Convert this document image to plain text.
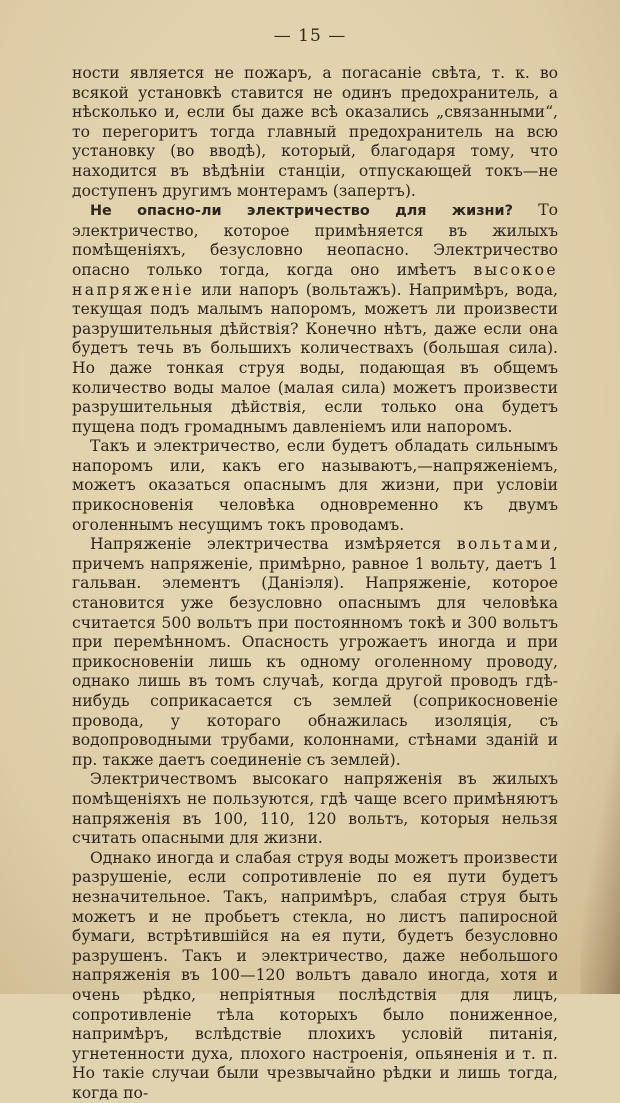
— 15 —

ности является не пожаръ, а погасаніе свѣта, т. к. во всякой установкѣ ставится не одинъ предохранитель, а нѣсколько и, если бы даже всѣ оказались „связанными“, то перегоритъ тогда главный предохранитель на всю установку (во вводѣ), который, благодаря тому, что находится въ вѣдѣніи станціи, отпускающей токъ—не доступенъ другимъ монтерамъ (запертъ).

Не опасно-ли электричество для жизни? То электричество, которое примѣняется въ жилыхъ помѣщеніяхъ, безусловно неопасно. Электричество опасно только тогда, когда оно имѣетъ высокое напряженіе или напоръ (вольтажъ). Напримѣръ, вода, текущая подъ малымъ напоромъ, можетъ ли произвести разрушительныя дѣйствія? Конечно нѣтъ, даже если она будетъ течь въ большихъ количествахъ (большая сила). Но даже тонкая струя воды, подающая въ общемъ количество воды малое (малая сила) можетъ произвести разрушительныя дѣйствія, если только она будетъ пущена подъ громаднымъ давленіемъ или напоромъ.

Такъ и электричество, если будетъ обладать сильнымъ напоромъ или, какъ его называютъ,—напряженіемъ, можетъ оказаться опаснымъ для жизни, при условіи прикосновенія человѣка одновременно къ двумъ оголеннымъ несущимъ токъ проводамъ.

Напряженіе электричества измѣряется вольтами, причемъ напряженіе, примѣрно, равное 1 вольту, даетъ 1 гальван. элементъ (Даніэля). Напряженіе, которое становится уже безусловно опаснымъ для человѣка считается 500 вольтъ при постоянномъ токѣ и 300 вольтъ при перемѣнномъ. Опасность угрожаетъ иногда и при прикосновеніи лишь къ одному оголенному проводу, однако лишь въ томъ случаѣ, когда другой проводъ гдѣ-нибудь соприкасается съ землей (соприкосновеніе провода, у котораго обнажилась изоляція, съ водопроводными трубами, колоннами, стѣнами зданій и пр. также даетъ соединеніе съ землей).

Электричествомъ высокаго напряженія въ жилыхъ помѣщеніяхъ не пользуются, гдѣ чаще всего примѣняютъ напряженія въ 100, 110, 120 вольтъ, которыя нельзя считать опасными для жизни.

Однако иногда и слабая струя воды можетъ произвести разрушеніе, если сопротивленіе по ея пути будетъ незначительное. Такъ, напримѣръ, слабая струя быть можетъ и не пробьетъ стекла, но листъ папиросной бумаги, встрѣтившійся на ея пути, будетъ безусловно разрушенъ. Такъ и электричество, даже небольшого напряженія въ 100—120 вольтъ давало иногда, хотя и очень рѣдко, непріятныя послѣдствія для лицъ, сопротивленіе тѣла которыхъ было пониженное, напримѣръ, вслѣдствіе плохихъ условій питанія, угнетенности духа, плохого настроенія, опьяненія и т. п. Но такіе случаи были чрезвычайно рѣдки и лишь тогда, когда по-
